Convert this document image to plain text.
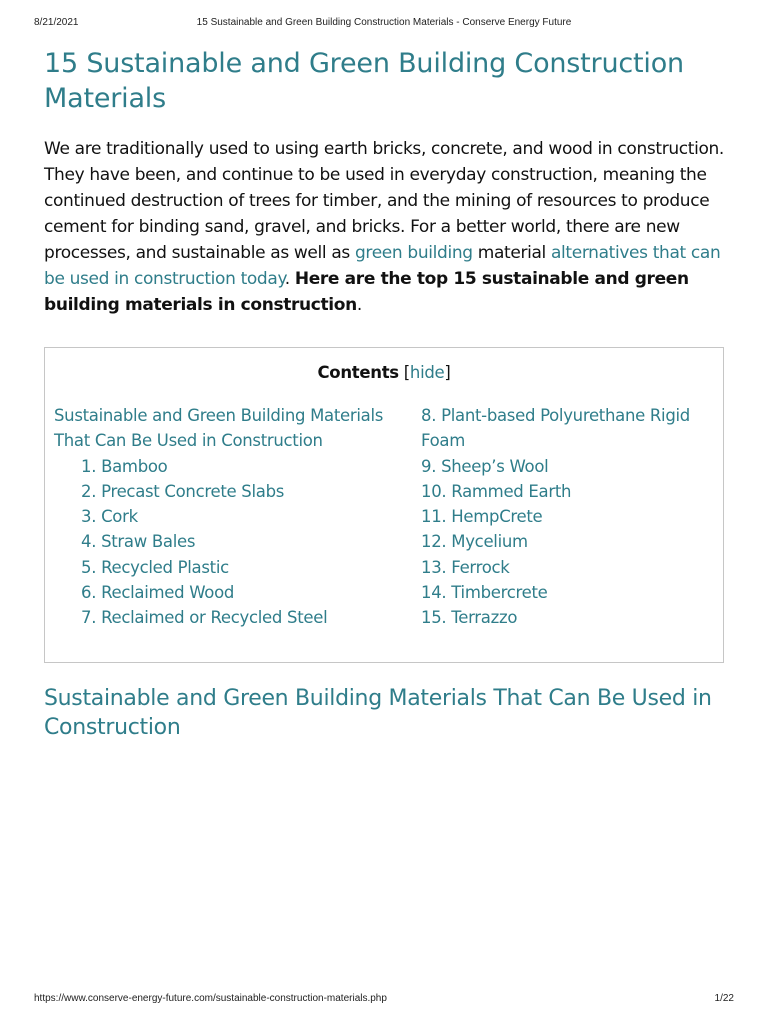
8/21/2021	15 Sustainable and Green Building Construction Materials - Conserve Energy Future
15 Sustainable and Green Building Construction Materials

We are traditionally used to using earth bricks, concrete, and wood in construction. They have been, and continue to be used in everyday construction, meaning the continued destruction of trees for timber, and the mining of resources to produce cement for binding sand, gravel, and bricks. For a better world, there are new processes, and sustainable as well as green building material alternatives that can be used in construction today. Here are the top 15 sustainable and green building materials in construction.

Contents [hide]
Sustainable and Green Building Materials That Can Be Used in Construction
1. Bamboo
2. Precast Concrete Slabs
3. Cork
4. Straw Bales
5. Recycled Plastic
6. Reclaimed Wood
7. Reclaimed or Recycled Steel
8. Plant-based Polyurethane Rigid Foam
9. Sheep’s Wool
10. Rammed Earth
11. HempCrete
12. Mycelium
13. Ferrock
14. Timbercrete
15. Terrazzo
Sustainable and Green Building Materials That Can Be Used in Construction
https://www.conserve-energy-future.com/sustainable-construction-materials.php	1/22
